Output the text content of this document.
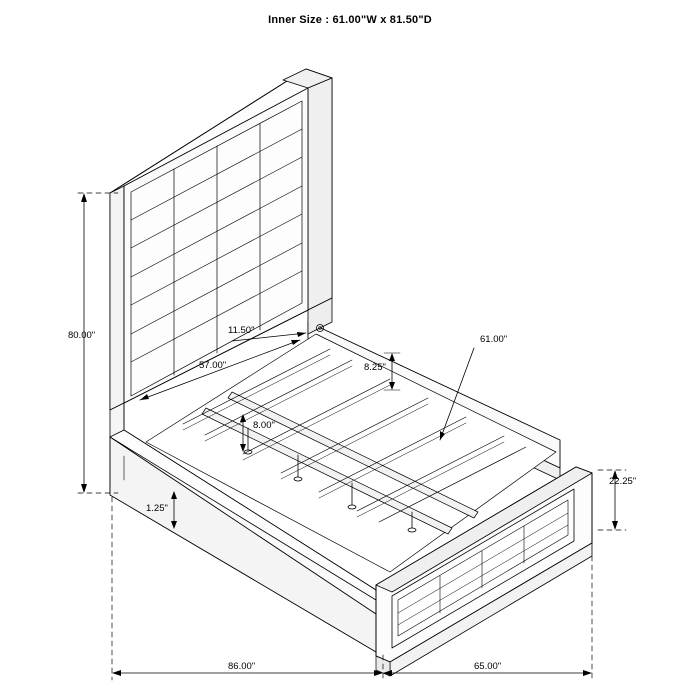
Inner Size : 61.00"W x 81.50"D
80.00"	11.50"
57.00"
61.00"
8.25"
8.00"
22.25"
1.25"
86.00"	65.00"
